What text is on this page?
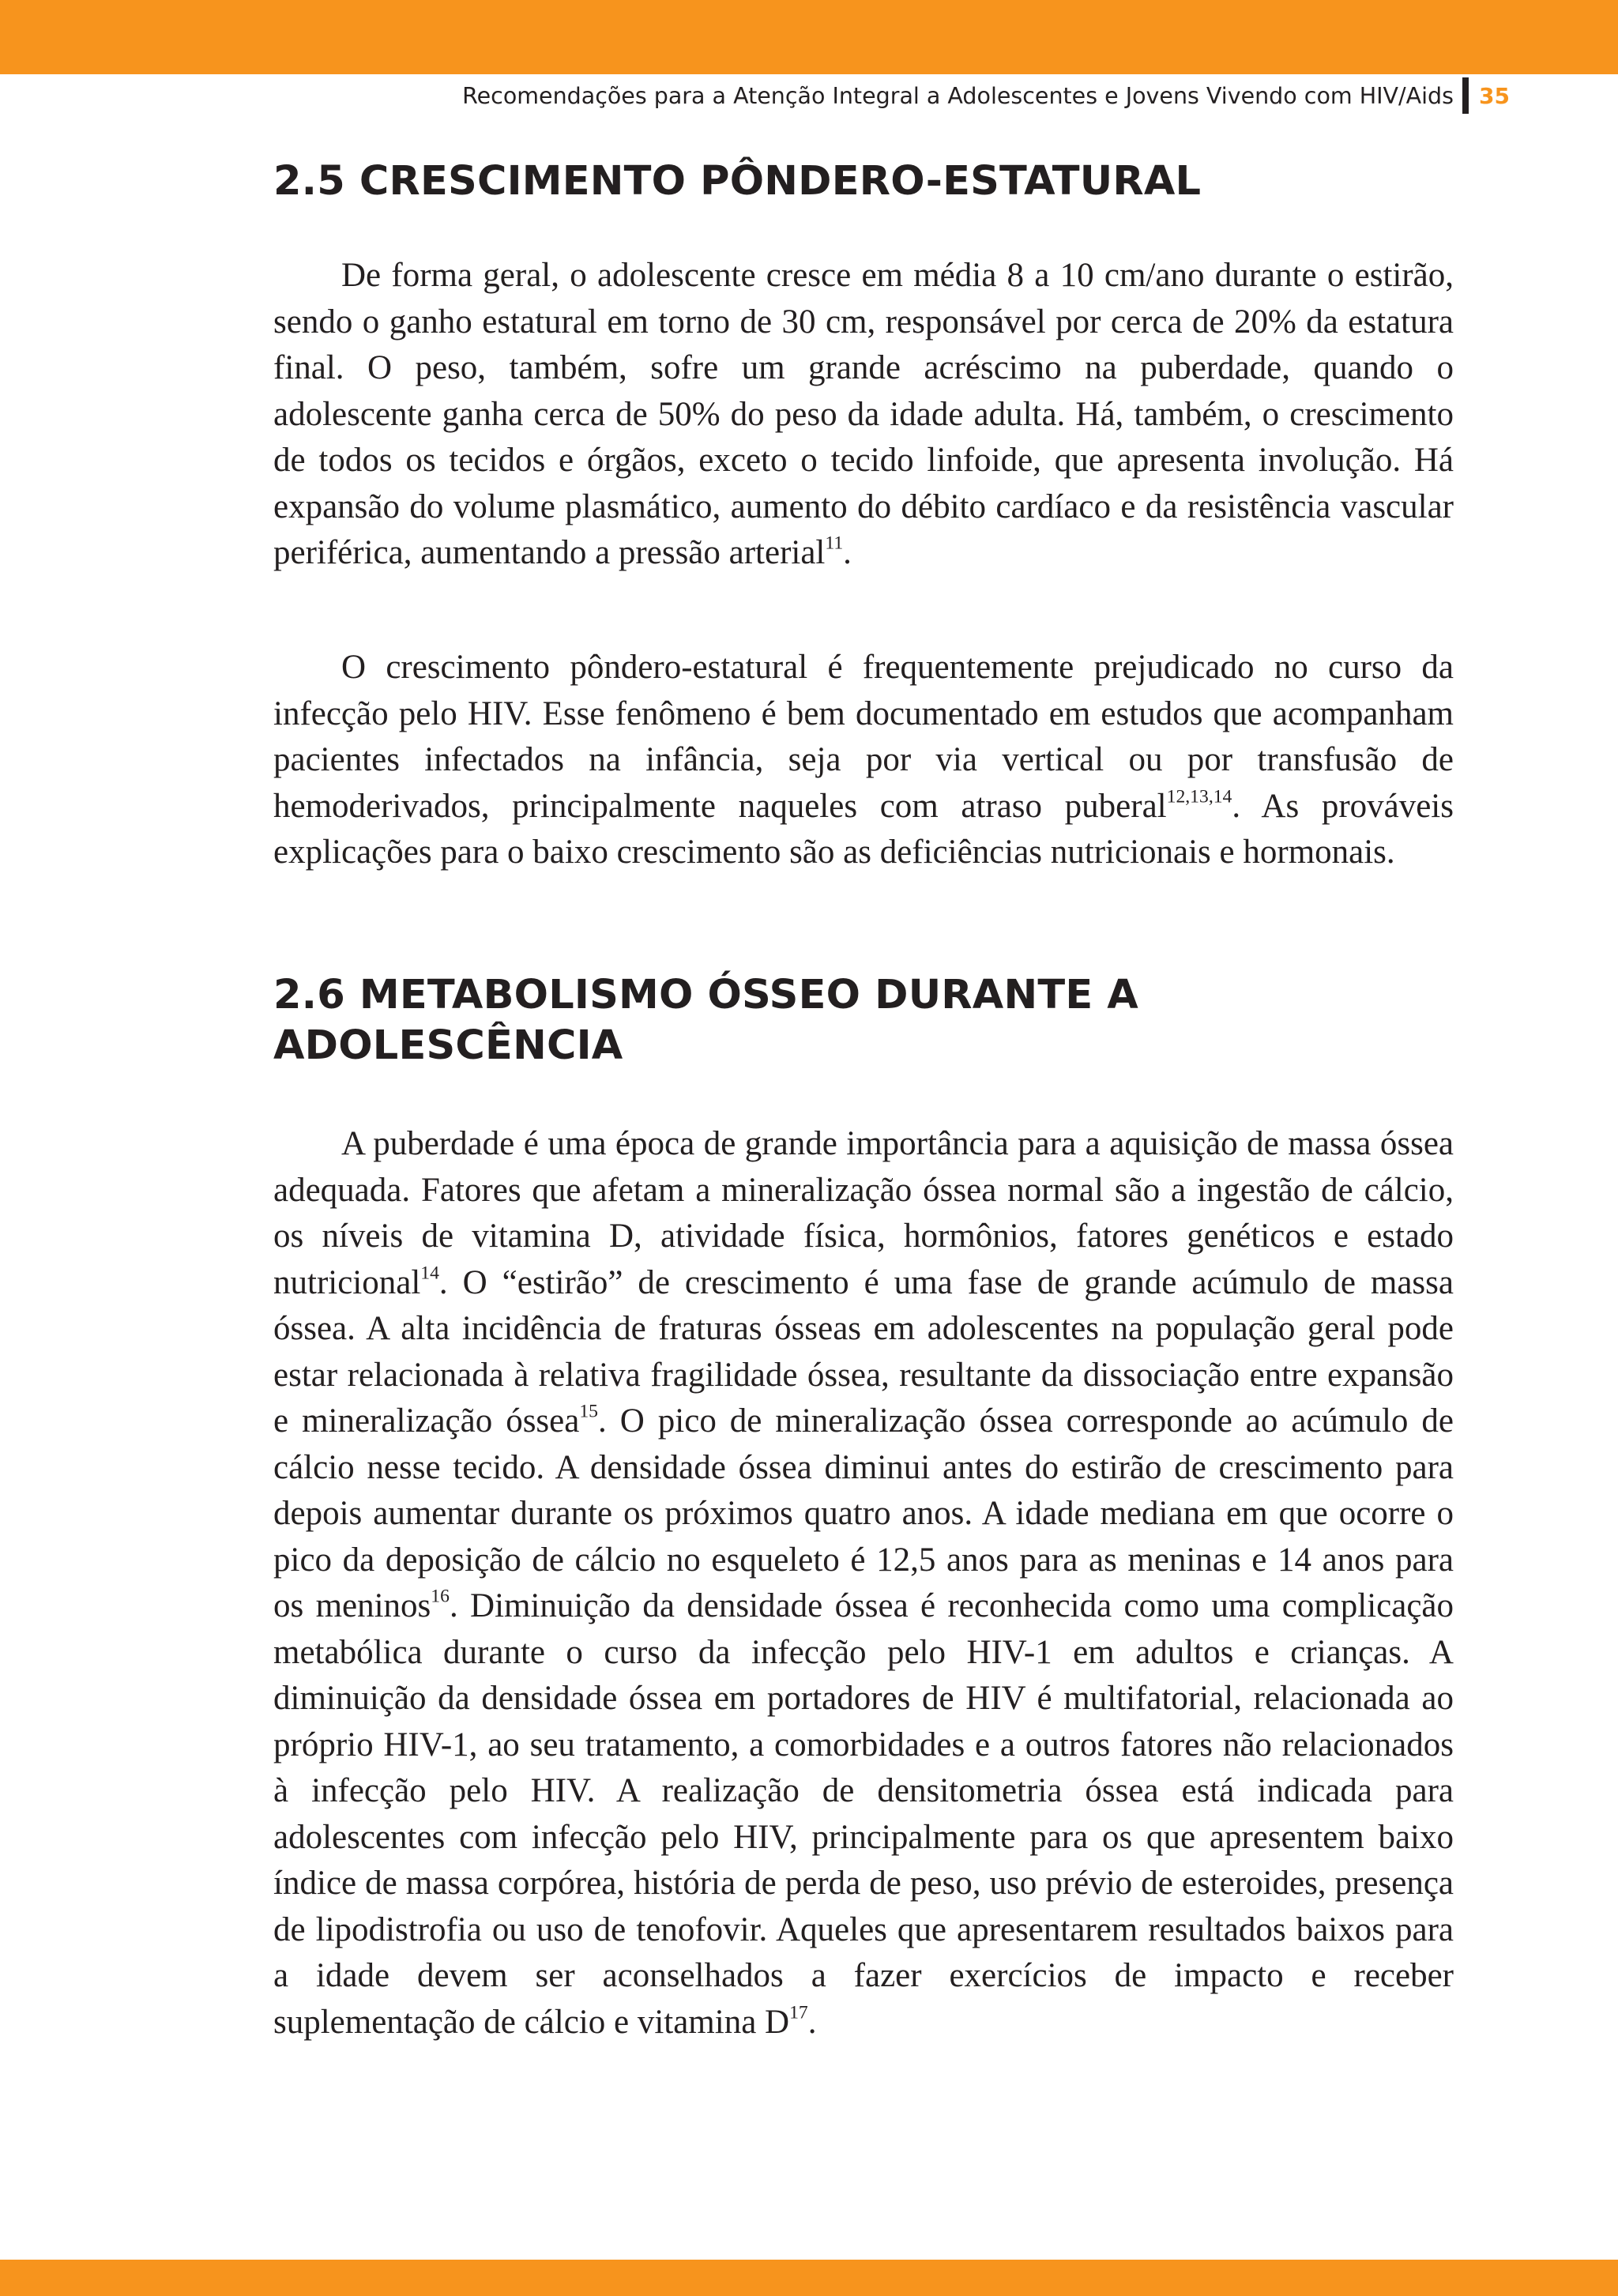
Recomendações para a Atenção Integral a Adolescentes e Jovens Vivendo com HIV/Aids 35
2.5 CRESCIMENTO PÔNDERO-ESTATURAL

De forma geral, o adolescente cresce em média 8 a 10 cm/ano durante o estirão, sendo o ganho estatural em torno de 30 cm, responsável por cerca de 20% da estatura final. O peso, também, sofre um grande acréscimo na puberdade, quando o adolescente ganha cerca de 50% do peso da idade adulta. Há, também, o crescimento de todos os tecidos e órgãos, exceto o tecido linfoide, que apresenta involução. Há expansão do volume plasmático, aumento do débito cardíaco e da resistência vascular periférica, aumentando a pressão arterial$^{11}$.

O crescimento pôndero-estatural é frequentemente prejudicado no curso da infecção pelo HIV. Esse fenômeno é bem documentado em estudos que acompanham pacientes infectados na infância, seja por via vertical ou por transfusão de hemoderivados, principalmente naqueles com atraso puberal$^{12,13,14}$. As prováveis explicações para o baixo crescimento são as deficiências nutricionais e hormonais.

2.6 METABOLISMO ÓSSEO DURANTE A
ADOLESCÊNCIA

A puberdade é uma época de grande importância para a aquisição de massa óssea adequada. Fatores que afetam a mineralização óssea normal são a ingestão de cálcio, os níveis de vitamina D, atividade física, hormônios, fatores genéticos e estado nutricional$^{14}$. O “estirão” de crescimento é uma fase de grande acúmulo de massa óssea. A alta incidência de fraturas ósseas em adolescentes na população geral pode estar relacionada à relativa fragilidade óssea, resultante da dissociação entre expansão e mineralização óssea$^{15}$. O pico de mineralização óssea corresponde ao acúmulo de cálcio nesse tecido. A densidade óssea diminui antes do estirão de crescimento para depois aumentar durante os próximos quatro anos. A idade mediana em que ocorre o pico da deposição de cálcio no esqueleto é 12,5 anos para as meninas e 14 anos para os meninos$^{16}$. Diminuição da densidade óssea é reconhecida como uma complicação metabólica durante o curso da infecção pelo HIV-1 em adultos e crianças. A diminuição da densidade óssea em portadores de HIV é multifatorial, relacionada ao próprio HIV-1, ao seu tratamento, a comorbidades e a outros fatores não relacionados à infecção pelo HIV. A realização de densitometria óssea está indicada para adolescentes com infecção pelo HIV, principalmente para os que apresentem baixo índice de massa corpórea, história de perda de peso, uso prévio de esteroides, presença de lipodistrofia ou uso de tenofovir. Aqueles que apresentarem resultados baixos para a idade devem ser aconselhados a fazer exercícios de impacto e receber suplementação de cálcio e vitamina $D^{17}$.
